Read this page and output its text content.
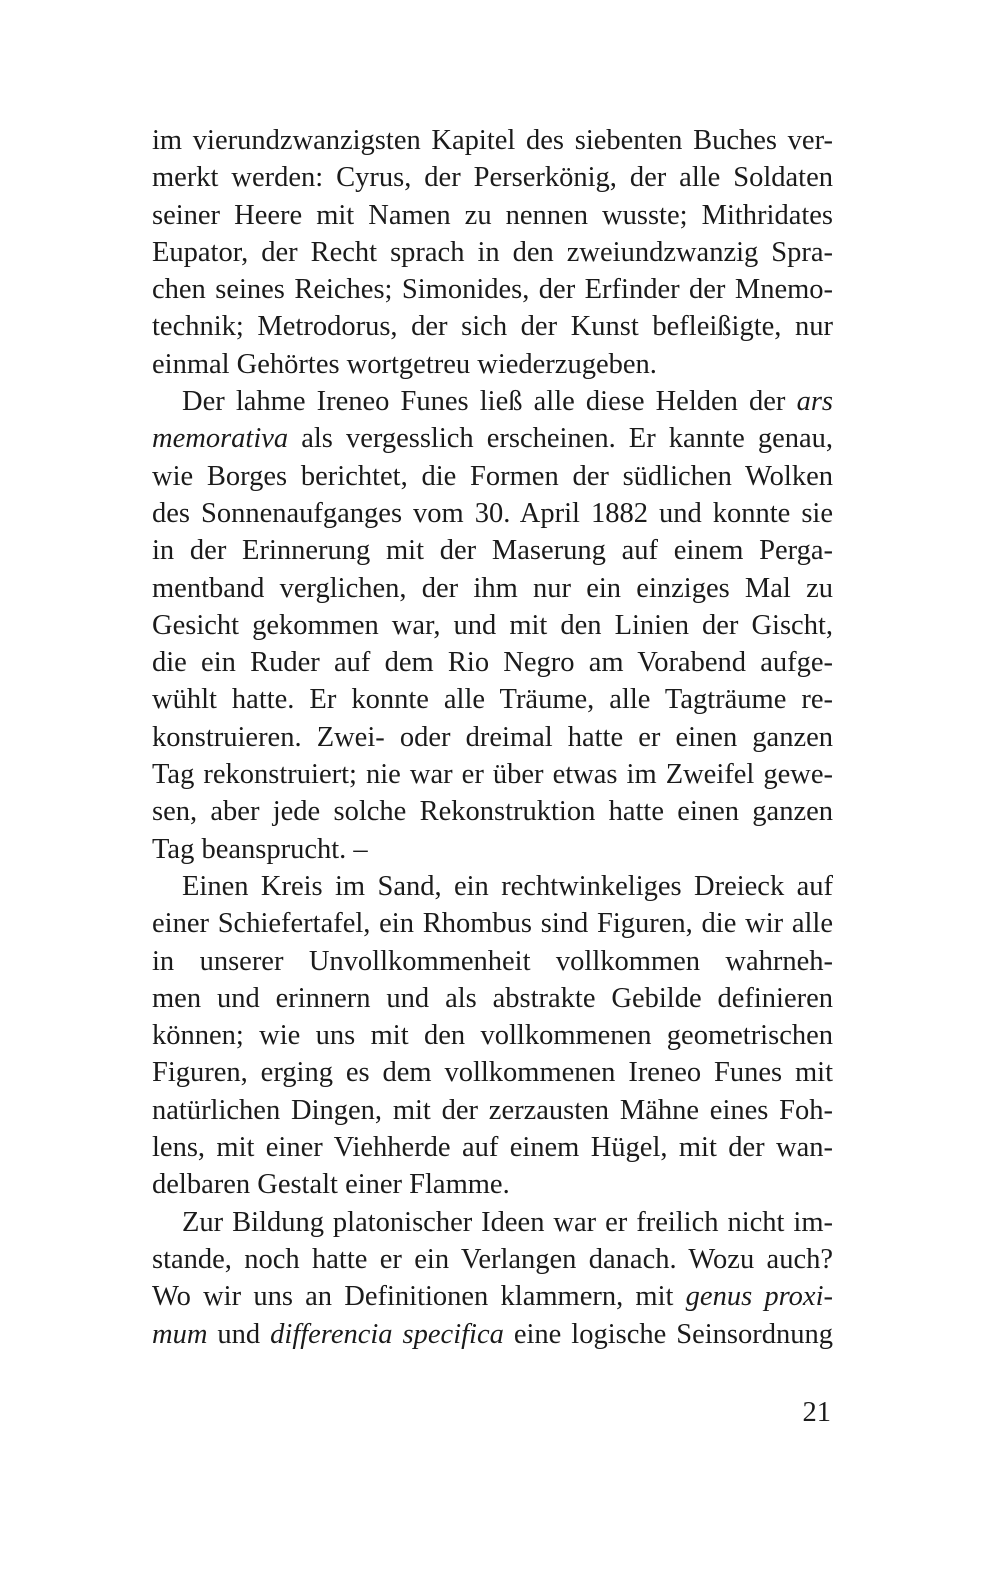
im vierundzwanzigsten Kapitel des siebenten Buches ver-
merkt werden: Cyrus, der Perserkönig, der alle Soldaten
seiner Heere mit Namen zu nennen wusste; Mithridates
Eupator, der Recht sprach in den zweiundzwanzig Spra-
chen seines Reiches; Simonides, der Erfinder der Mnemo-
technik; Metrodorus, der sich der Kunst befleißigte, nur
einmal Gehörtes wortgetreu wiederzugeben.
Der lahme Ireneo Funes ließ alle diese Helden der ars
memorativa als vergesslich erscheinen. Er kannte genau,
wie Borges berichtet, die Formen der südlichen Wolken
des Sonnenaufganges vom 30. April 1882 und konnte sie
in der Erinnerung mit der Maserung auf einem Perga-
mentband verglichen, der ihm nur ein einziges Mal zu
Gesicht gekommen war, und mit den Linien der Gischt,
die ein Ruder auf dem Rio Negro am Vorabend aufge-
wühlt hatte. Er konnte alle Träume, alle Tagträume re-
konstruieren. Zwei- oder dreimal hatte er einen ganzen
Tag rekonstruiert; nie war er über etwas im Zweifel gewe-
sen, aber jede solche Rekonstruktion hatte einen ganzen
Tag beansprucht. –
Einen Kreis im Sand, ein rechtwinkeliges Dreieck auf
einer Schiefertafel, ein Rhombus sind Figuren, die wir alle
in unserer Unvollkommenheit vollkommen wahrneh-
men und erinnern und als abstrakte Gebilde definieren
können; wie uns mit den vollkommenen geometrischen
Figuren, erging es dem vollkommenen Ireneo Funes mit
natürlichen Dingen, mit der zerzausten Mähne eines Foh-
lens, mit einer Viehherde auf einem Hügel, mit der wan-
delbaren Gestalt einer Flamme.
Zur Bildung platonischer Ideen war er freilich nicht im-
stande, noch hatte er ein Verlangen danach. Wozu auch?
Wo wir uns an Definitionen klammern, mit genus proxi-
mum und differencia specifica eine logische Seinsordnung
21
